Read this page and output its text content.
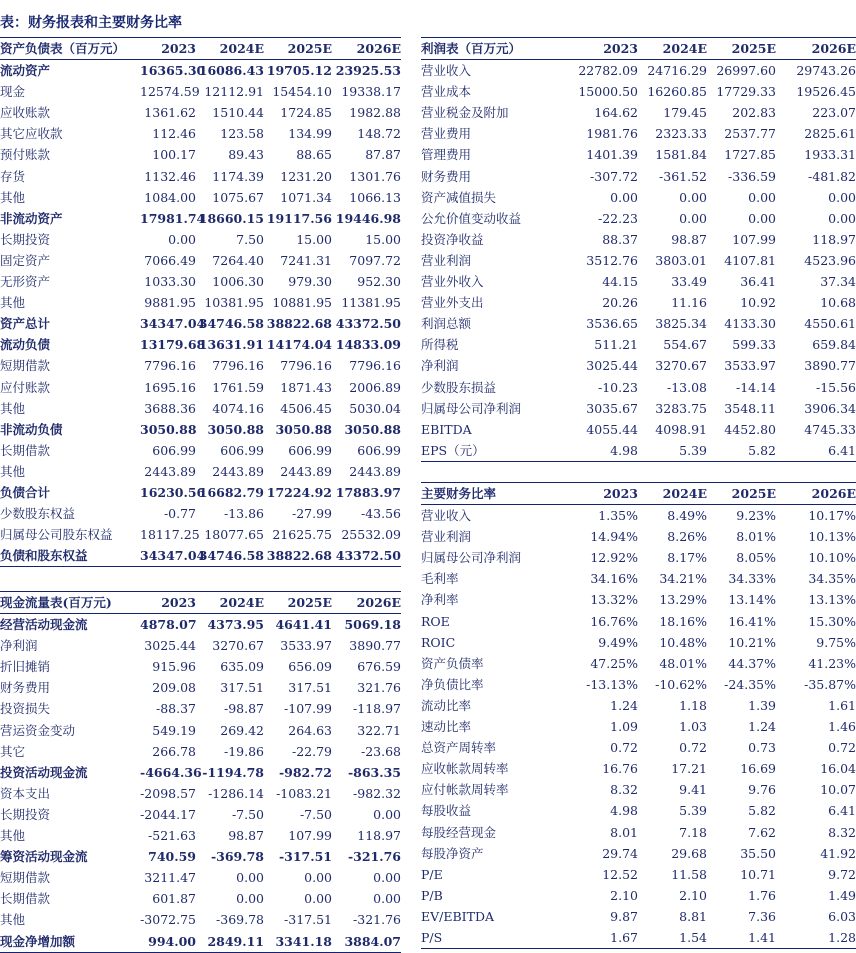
表：财务报表和主要财务比率
资产负债表（百万元）	2023	2024E	2025E	2026E
流动资产	16365.30	16086.43	19705.12	23925.53
现金	12574.59	12112.91	15454.10	19338.17
应收账款	1361.62	1510.44	1724.85	1982.88
其它应收款	112.46	123.58	134.99	148.72
预付账款	100.17	89.43	88.65	87.87
存货	1132.46	1174.39	1231.20	1301.76
其他	1084.00	1075.67	1071.34	1066.13
非流动资产	17981.74	18660.15	19117.56	19446.98
长期投资	0.00	7.50	15.00	15.00
固定资产	7066.49	7264.40	7241.31	7097.72
无形资产	1033.30	1006.30	979.30	952.30
其他	9881.95	10381.95	10881.95	11381.95
资产总计	34347.04	34746.58	38822.68	43372.50
流动负债	13179.68	13631.91	14174.04	14833.09
短期借款	7796.16	7796.16	7796.16	7796.16
应付账款	1695.16	1761.59	1871.43	2006.89
其他	3688.36	4074.16	4506.45	5030.04
非流动负债	3050.88	3050.88	3050.88	3050.88
长期借款	606.99	606.99	606.99	606.99
其他	2443.89	2443.89	2443.89	2443.89
负债合计	16230.56	16682.79	17224.92	17883.97
少数股东权益	-0.77	-13.86	-27.99	-43.56
归属母公司股东权益	18117.25	18077.65	21625.75	25532.09
负债和股东权益	34347.04	34746.58	38822.68	43372.50
现金流量表(百万元)	2023	2024E	2025E	2026E
经营活动现金流	4878.07	4373.95	4641.41	5069.18
净利润	3025.44	3270.67	3533.97	3890.77
折旧摊销	915.96	635.09	656.09	676.59
财务费用	209.08	317.51	317.51	321.76
投资损失	-88.37	-98.87	-107.99	-118.97
营运资金变动	549.19	269.42	264.63	322.71
其它	266.78	-19.86	-22.79	-23.68
投资活动现金流	-4664.36	-1194.78	-982.72	-863.35
资本支出	-2098.57	-1286.14	-1083.21	-982.32
长期投资	-2044.17	-7.50	-7.50	0.00
其他	-521.63	98.87	107.99	118.97
筹资活动现金流	740.59	-369.78	-317.51	-321.76
短期借款	3211.47	0.00	0.00	0.00
长期借款	601.87	0.00	0.00	0.00
其他	-3072.75	-369.78	-317.51	-321.76
现金净增加额	994.00	2849.11	3341.18	3884.07
利润表（百万元）	2023	2024E	2025E	2026E
营业收入	22782.09	24716.29	26997.60	29743.26
营业成本	15000.50	16260.85	17729.33	19526.45
营业税金及附加	164.62	179.45	202.83	223.07
营业费用	1981.76	2323.33	2537.77	2825.61
管理费用	1401.39	1581.84	1727.85	1933.31
财务费用	-307.72	-361.52	-336.59	-481.82
资产减值损失	0.00	0.00	0.00	0.00
公允价值变动收益	-22.23	0.00	0.00	0.00
投资净收益	88.37	98.87	107.99	118.97
营业利润	3512.76	3803.01	4107.81	4523.96
营业外收入	44.15	33.49	36.41	37.34
营业外支出	20.26	11.16	10.92	10.68
利润总额	3536.65	3825.34	4133.30	4550.61
所得税	511.21	554.67	599.33	659.84
净利润	3025.44	3270.67	3533.97	3890.77
少数股东损益	-10.23	-13.08	-14.14	-15.56
归属母公司净利润	3035.67	3283.75	3548.11	3906.34
EBITDA	4055.44	4098.91	4452.80	4745.33
EPS（元）	4.98	5.39	5.82	6.41
主要财务比率	2023	2024E	2025E	2026E
营业收入	1.35%	8.49%	9.23%	10.17%
营业利润	14.94%	8.26%	8.01%	10.13%
归属母公司净利润	12.92%	8.17%	8.05%	10.10%
毛利率	34.16%	34.21%	34.33%	34.35%
净利率	13.32%	13.29%	13.14%	13.13%
ROE	16.76%	18.16%	16.41%	15.30%
ROIC	9.49%	10.48%	10.21%	9.75%
资产负债率	47.25%	48.01%	44.37%	41.23%
净负债比率	-13.13%	-10.62%	-24.35%	-35.87%
流动比率	1.24	1.18	1.39	1.61
速动比率	1.09	1.03	1.24	1.46
总资产周转率	0.72	0.72	0.73	0.72
应收帐款周转率	16.76	17.21	16.69	16.04
应付帐款周转率	8.32	9.41	9.76	10.07
每股收益	4.98	5.39	5.82	6.41
每股经营现金	8.01	7.18	7.62	8.32
每股净资产	29.74	29.68	35.50	41.92
P/E	12.52	11.58	10.71	9.72
P/B	2.10	2.10	1.76	1.49
EV/EBITDA	9.87	8.81	7.36	6.03
P/S	1.67	1.54	1.41	1.28
